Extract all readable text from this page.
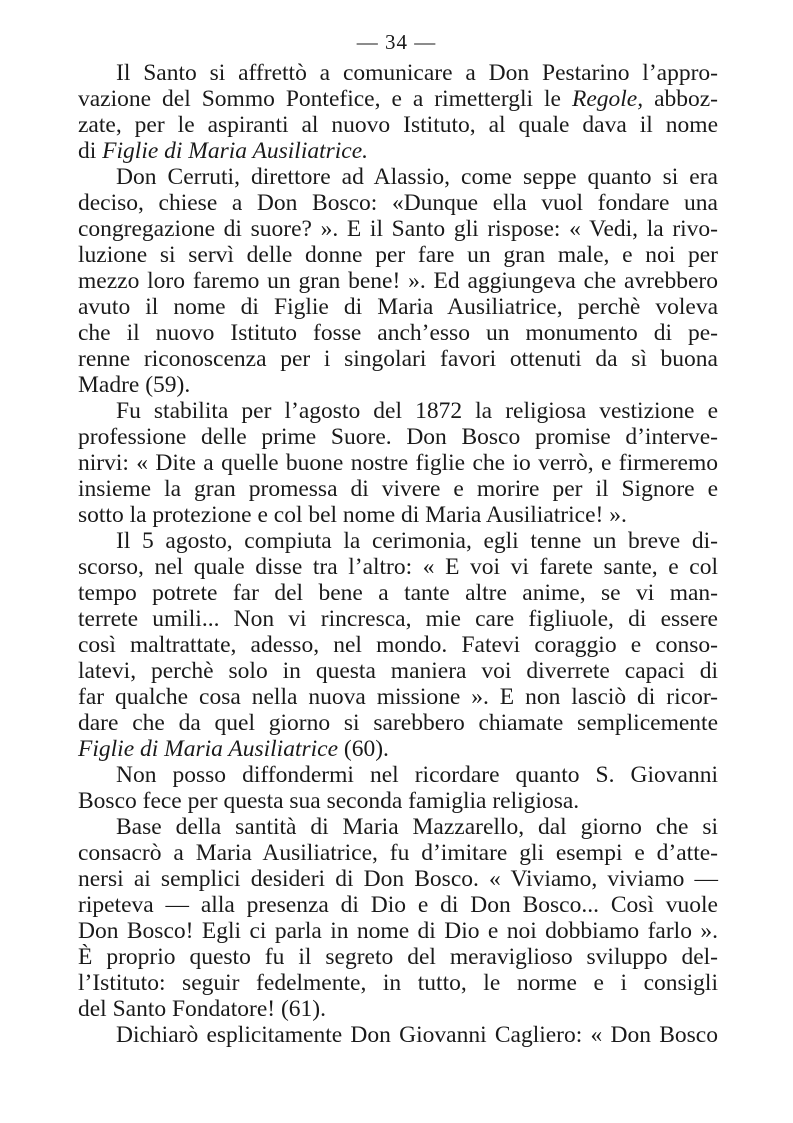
— 34 —
Il Santo si affrettò a comunicare a Don Pestarino l’appro-
vazione del Sommo Pontefice, e a rimettergli le Regole, abboz-
zate, per le aspiranti al nuovo Istituto, al quale dava il nome
di Figlie di Maria Ausiliatrice.
Don Cerruti, direttore ad Alassio, come seppe quanto si era
deciso, chiese a Don Bosco: «Dunque ella vuol fondare una
congregazione di suore? ». E il Santo gli rispose: « Vedi, la rivo-
luzione si servì delle donne per fare un gran male, e noi per
mezzo loro faremo un gran bene! ». Ed aggiungeva che avrebbero
avuto il nome di Figlie di Maria Ausiliatrice, perchè voleva
che il nuovo Istituto fosse anch’esso un monumento di pe-
renne riconoscenza per i singolari favori ottenuti da sì buona
Madre (59).
Fu stabilita per l’agosto del 1872 la religiosa vestizione e
professione delle prime Suore. Don Bosco promise d’interve-
nirvi: « Dite a quelle buone nostre figlie che io verrò, e firmeremo
insieme la gran promessa di vivere e morire per il Signore e
sotto la protezione e col bel nome di Maria Ausiliatrice! ».
Il 5 agosto, compiuta la cerimonia, egli tenne un breve di-
scorso, nel quale disse tra l’altro: « E voi vi farete sante, e col
tempo potrete far del bene a tante altre anime, se vi man-
terrete umili... Non vi rincresca, mie care figliuole, di essere
così maltrattate, adesso, nel mondo. Fatevi coraggio e conso-
latevi, perchè solo in questa maniera voi diverrete capaci di
far qualche cosa nella nuova missione ». E non lasciò di ricor-
dare che da quel giorno si sarebbero chiamate semplicemente
Figlie di Maria Ausiliatrice (60).
Non posso diffondermi nel ricordare quanto S. Giovanni
Bosco fece per questa sua seconda famiglia religiosa.
Base della santità di Maria Mazzarello, dal giorno che si
consacrò a Maria Ausiliatrice, fu d’imitare gli esempi e d’atte-
nersi ai semplici desideri di Don Bosco. « Viviamo, viviamo —
ripeteva — alla presenza di Dio e di Don Bosco... Così vuole
Don Bosco! Egli ci parla in nome di Dio e noi dobbiamo farlo ».
È proprio questo fu il segreto del meraviglioso sviluppo del-
l’Istituto: seguir fedelmente, in tutto, le norme e i consigli
del Santo Fondatore! (61).
Dichiarò esplicitamente Don Giovanni Cagliero: « Don Bosco
